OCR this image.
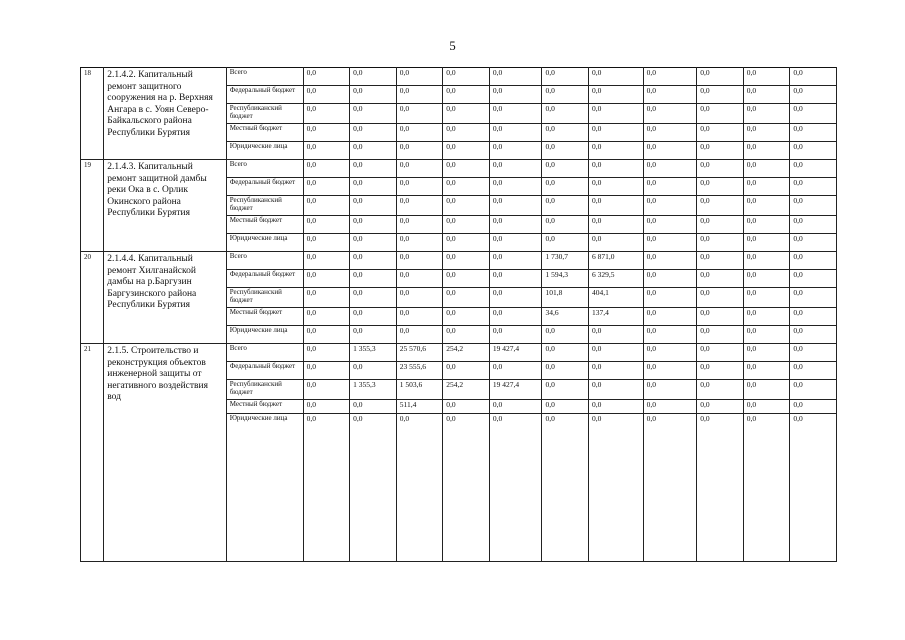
5
18	2.1.4.2. Капитальный ремонт защитного сооружения на р. Верхняя Ангара в с. Уоян Северо-Байкальского района Республики Бурятия	Всего	0,0	0,0	0,0	0,0	0,0	0,0	0,0	0,0	0,0	0,0	0,0
		Федеральный бюджет	0,0	0,0	0,0	0,0	0,0	0,0	0,0	0,0	0,0	0,0	0,0
		Республиканский бюджет	0,0	0,0	0,0	0,0	0,0	0,0	0,0	0,0	0,0	0,0	0,0
		Местный бюджет	0,0	0,0	0,0	0,0	0,0	0,0	0,0	0,0	0,0	0,0	0,0
		Юридические лица	0,0	0,0	0,0	0,0	0,0	0,0	0,0	0,0	0,0	0,0	0,0
19	2.1.4.3. Капитальный ремонт защитной дамбы реки Ока в с. Орлик Окинского района Республики Бурятия	Всего	0,0	0,0	0,0	0,0	0,0	0,0	0,0	0,0	0,0	0,0	0,0
		Федеральный бюджет	0,0	0,0	0,0	0,0	0,0	0,0	0,0	0,0	0,0	0,0	0,0
		Республиканский бюджет	0,0	0,0	0,0	0,0	0,0	0,0	0,0	0,0	0,0	0,0	0,0
		Местный бюджет	0,0	0,0	0,0	0,0	0,0	0,0	0,0	0,0	0,0	0,0	0,0
		Юридические лица	0,0	0,0	0,0	0,0	0,0	0,0	0,0	0,0	0,0	0,0	0,0
20	2.1.4.4. Капитальный ремонт Хилганайской дамбы на р.Баргузин Баргузинского района Республики Бурятия	Всего	0,0	0,0	0,0	0,0	0,0	1 730,7	6 871,0	0,0	0,0	0,0	0,0
		Федеральный бюджет	0,0	0,0	0,0	0,0	0,0	1 594,3	6 329,5	0,0	0,0	0,0	0,0
		Республиканский бюджет	0,0	0,0	0,0	0,0	0,0	101,8	404,1	0,0	0,0	0,0	0,0
		Местный бюджет	0,0	0,0	0,0	0,0	0,0	34,6	137,4	0,0	0,0	0,0	0,0
		Юридические лица	0,0	0,0	0,0	0,0	0,0	0,0	0,0	0,0	0,0	0,0	0,0
21	2.1.5. Строительство и реконструкция объектов инженерной защиты от негативного воздействия вод	Всего	0,0	1 355,3	25 570,6	254,2	19 427,4	0,0	0,0	0,0	0,0	0,0	0,0
		Федеральный бюджет	0,0	0,0	23 555,6	0,0	0,0	0,0	0,0	0,0	0,0	0,0	0,0
		Республиканский бюджет	0,0	1 355,3	1 503,6	254,2	19 427,4	0,0	0,0	0,0	0,0	0,0	0,0
		Местный бюджет	0,0	0,0	511,4	0,0	0,0	0,0	0,0	0,0	0,0	0,0	0,0
		Юридические лица	0,0	0,0	0,0	0,0	0,0	0,0	0,0	0,0	0,0	0,0	0,0
